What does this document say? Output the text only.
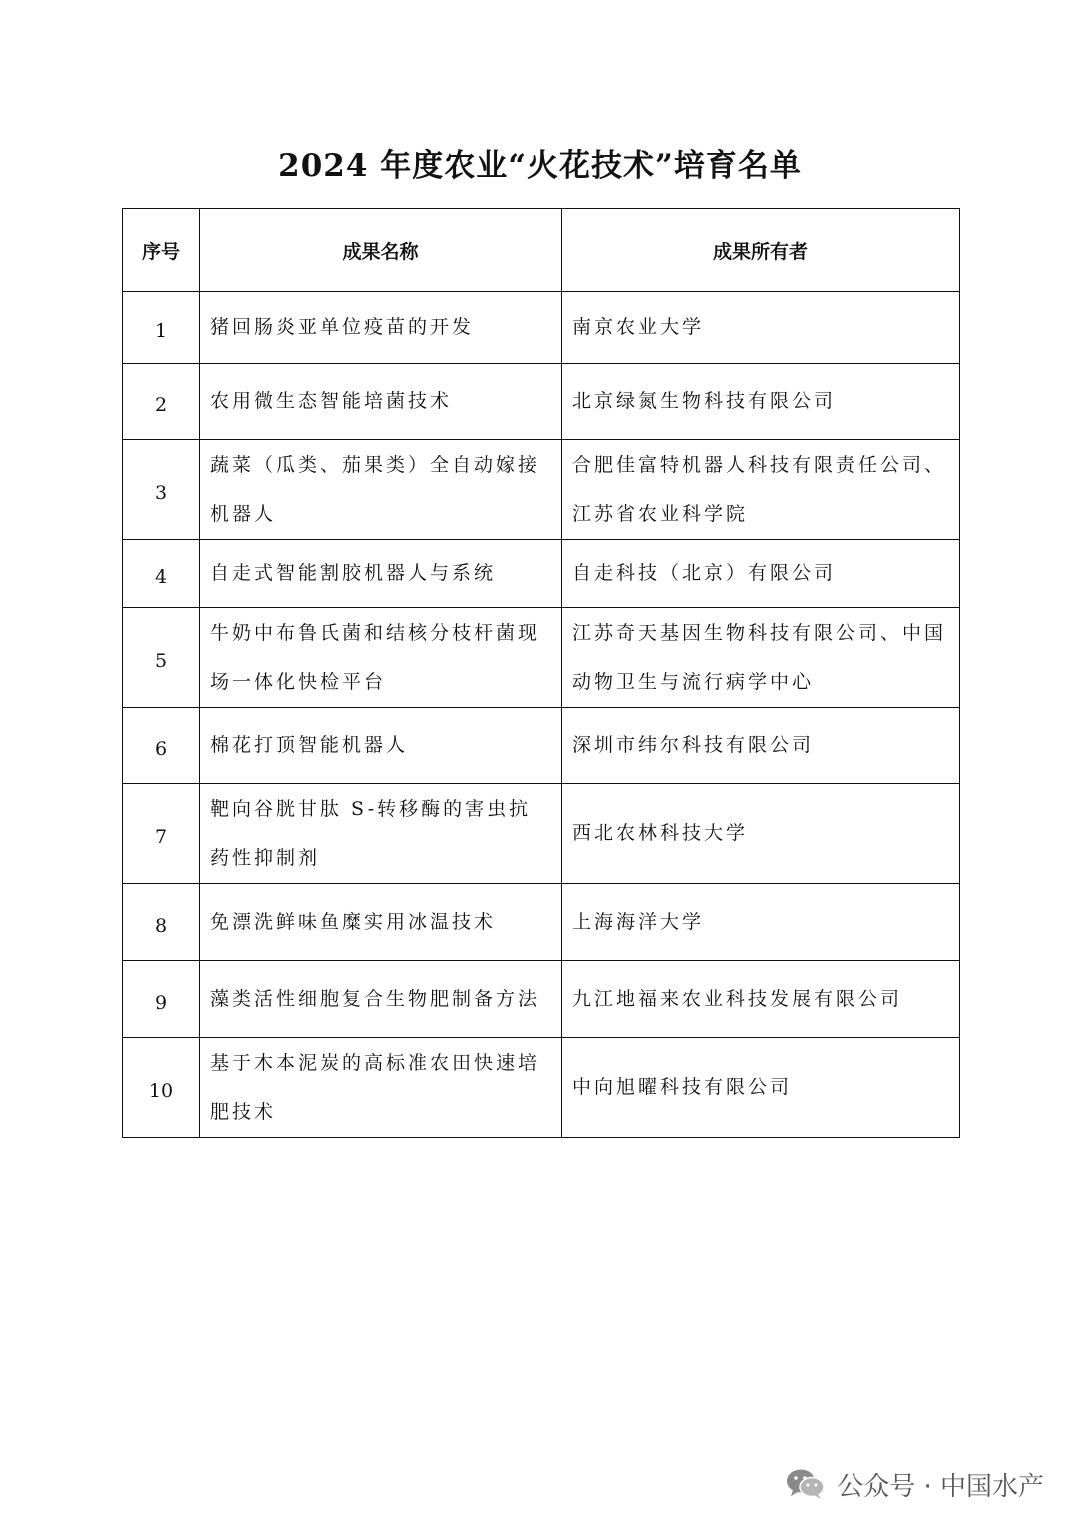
2024 年度农业“火花技术”培育名单
序号	成果名称	成果所有者
1	猪回肠炎亚单位疫苗的开发	南京农业大学
2	农用微生态智能培菌技术	北京绿氮生物科技有限公司
3	蔬菜（瓜类、茄果类）全自动嫁接机器人	合肥佳富特机器人科技有限责任公司、江苏省农业科学院
4	自走式智能割胶机器人与系统	自走科技（北京）有限公司
5	牛奶中布鲁氏菌和结核分枝杆菌现场一体化快检平台	江苏奇天基因生物科技有限公司、中国动物卫生与流行病学中心
6	棉花打顶智能机器人	深圳市纬尔科技有限公司
7	靶向谷胱甘肽 S-转移酶的害虫抗药性抑制剂	西北农林科技大学
8	免漂洗鲜味鱼糜实用冰温技术	上海海洋大学
9	藻类活性细胞复合生物肥制备方法	九江地福来农业科技发展有限公司
10	基于木本泥炭的高标准农田快速培肥技术	中向旭曜科技有限公司
公众号 · 中国水产
